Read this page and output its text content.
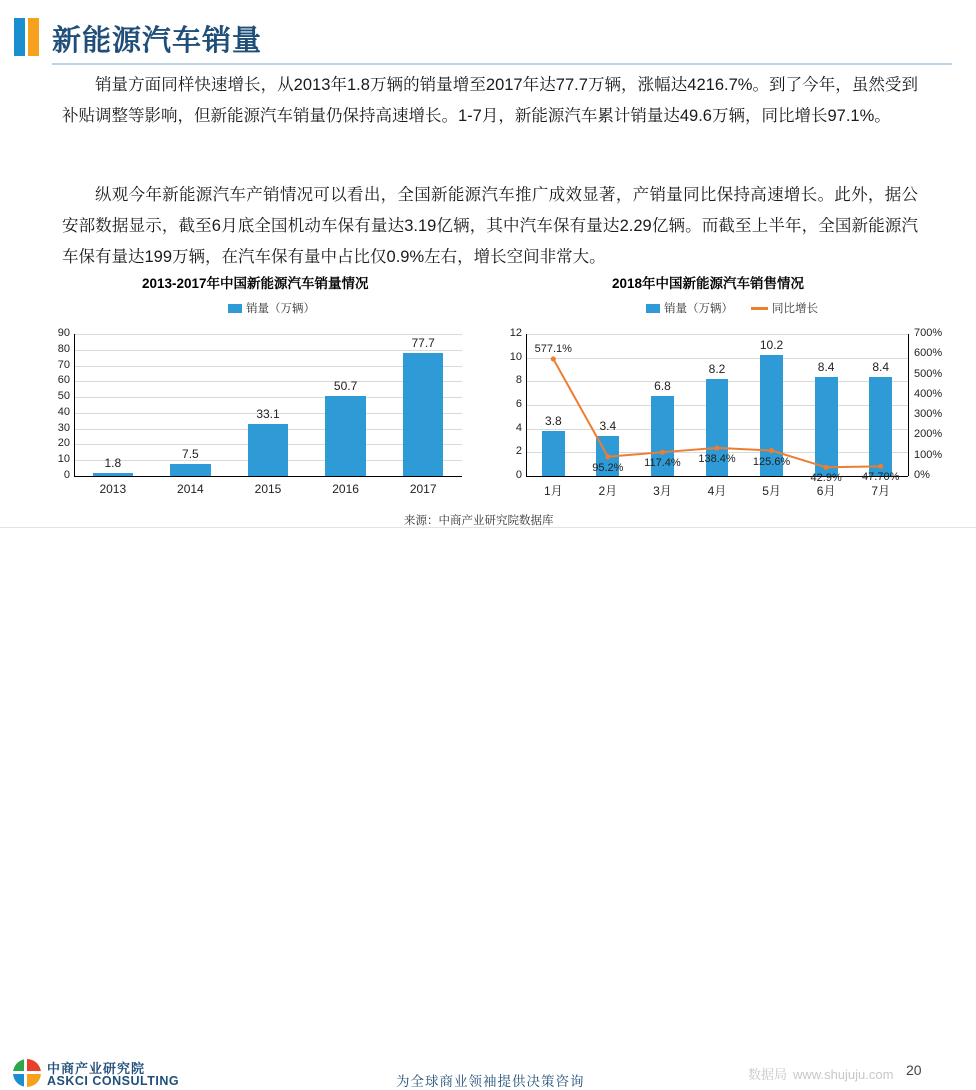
新能源汽车销量
销量方面同样快速增长，从2013年1.8万辆的销量增至2017年达77.7万辆，涨幅达4216.7%。到了今年，虽然受到补贴调整等影响，但新能源汽车销量仍保持高速增长。1-7月，新能源汽车累计销量达49.6万辆，同比增长97.1%。
纵观今年新能源汽车产销情况可以看出，全国新能源汽车推广成效显著，产销量同比保持高速增长。此外，据公安部数据显示，截至6月底全国机动车保有量达3.19亿辆，其中汽车保有量达2.29亿辆。而截至上半年，全国新能源汽车保有量达199万辆，在汽车保有量中占比仅0.9%左右，增长空间非常大。
2013-2017年中国新能源汽车销量情况
销量（万辆）
90
80
70
60
50
40
30
20
10
0
1.8
2013
7.5
2014
33.1
2015
50.7
2016
77.7
2017
2018年中国新能源汽车销售情况
销量（万辆）	同比增长
12
10
8
6
4
2
0
700%
600%
500%
400%
300%
200%
100%
0%
3.8
1月
3.4
2月
6.8
3月
8.2
4月
10.2
5月
8.4
6月
8.4
7月
577.1%
95.2%	117.4%	138.4%	125.6%
42.9%	47.70%
来源：中商产业研究院数据库
中商产业研究院
ASKCI CONSULTING	为全球商业领袖提供决策咨询	数据局 www.shujuju.com 20
